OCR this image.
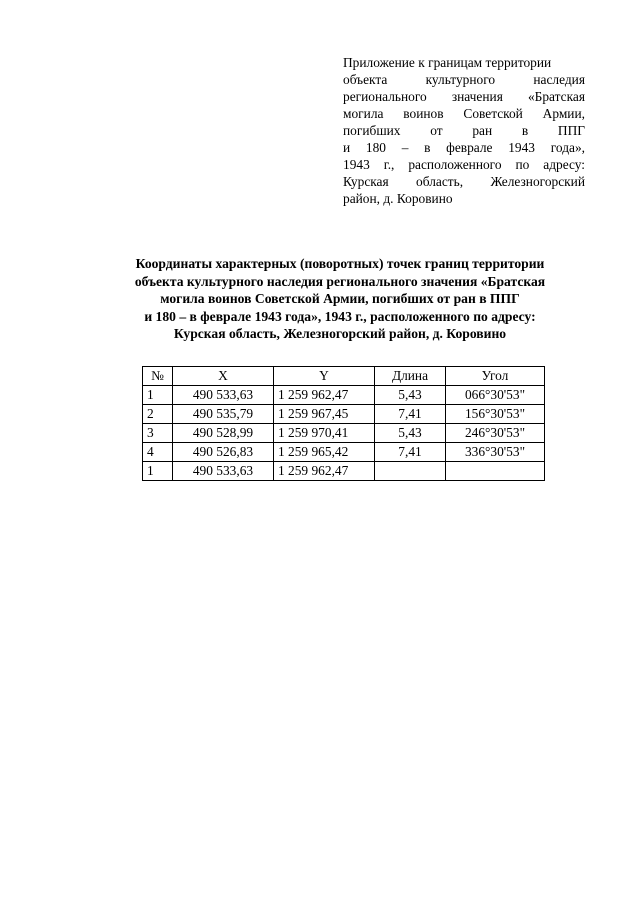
Приложение к границам территории
объекта культурного наследия
регионального значения «Братская
могила воинов Советской Армии,
погибших от ран в ППГ
и 180 – в феврале 1943 года»,
1943 г., расположенного по адресу:
Курская область, Железногорский
район, д. Коровино
Координаты характерных (поворотных) точек границ территории
объекта культурного наследия регионального значения «Братская
могила воинов Советской Армии, погибших от ран в ППГ
и 180 – в феврале 1943 года», 1943 г., расположенного по адресу:
Курская область, Железногорский район, д. Коровино
№	X	Y	Длина	Угол
1	490 533,63	1 259 962,47	5,43	066°30'53"
2	490 535,79	1 259 967,45	7,41	156°30'53"
3	490 528,99	1 259 970,41	5,43	246°30'53"
4	490 526,83	1 259 965,42	7,41	336°30'53"
1	490 533,63	1 259 962,47		
